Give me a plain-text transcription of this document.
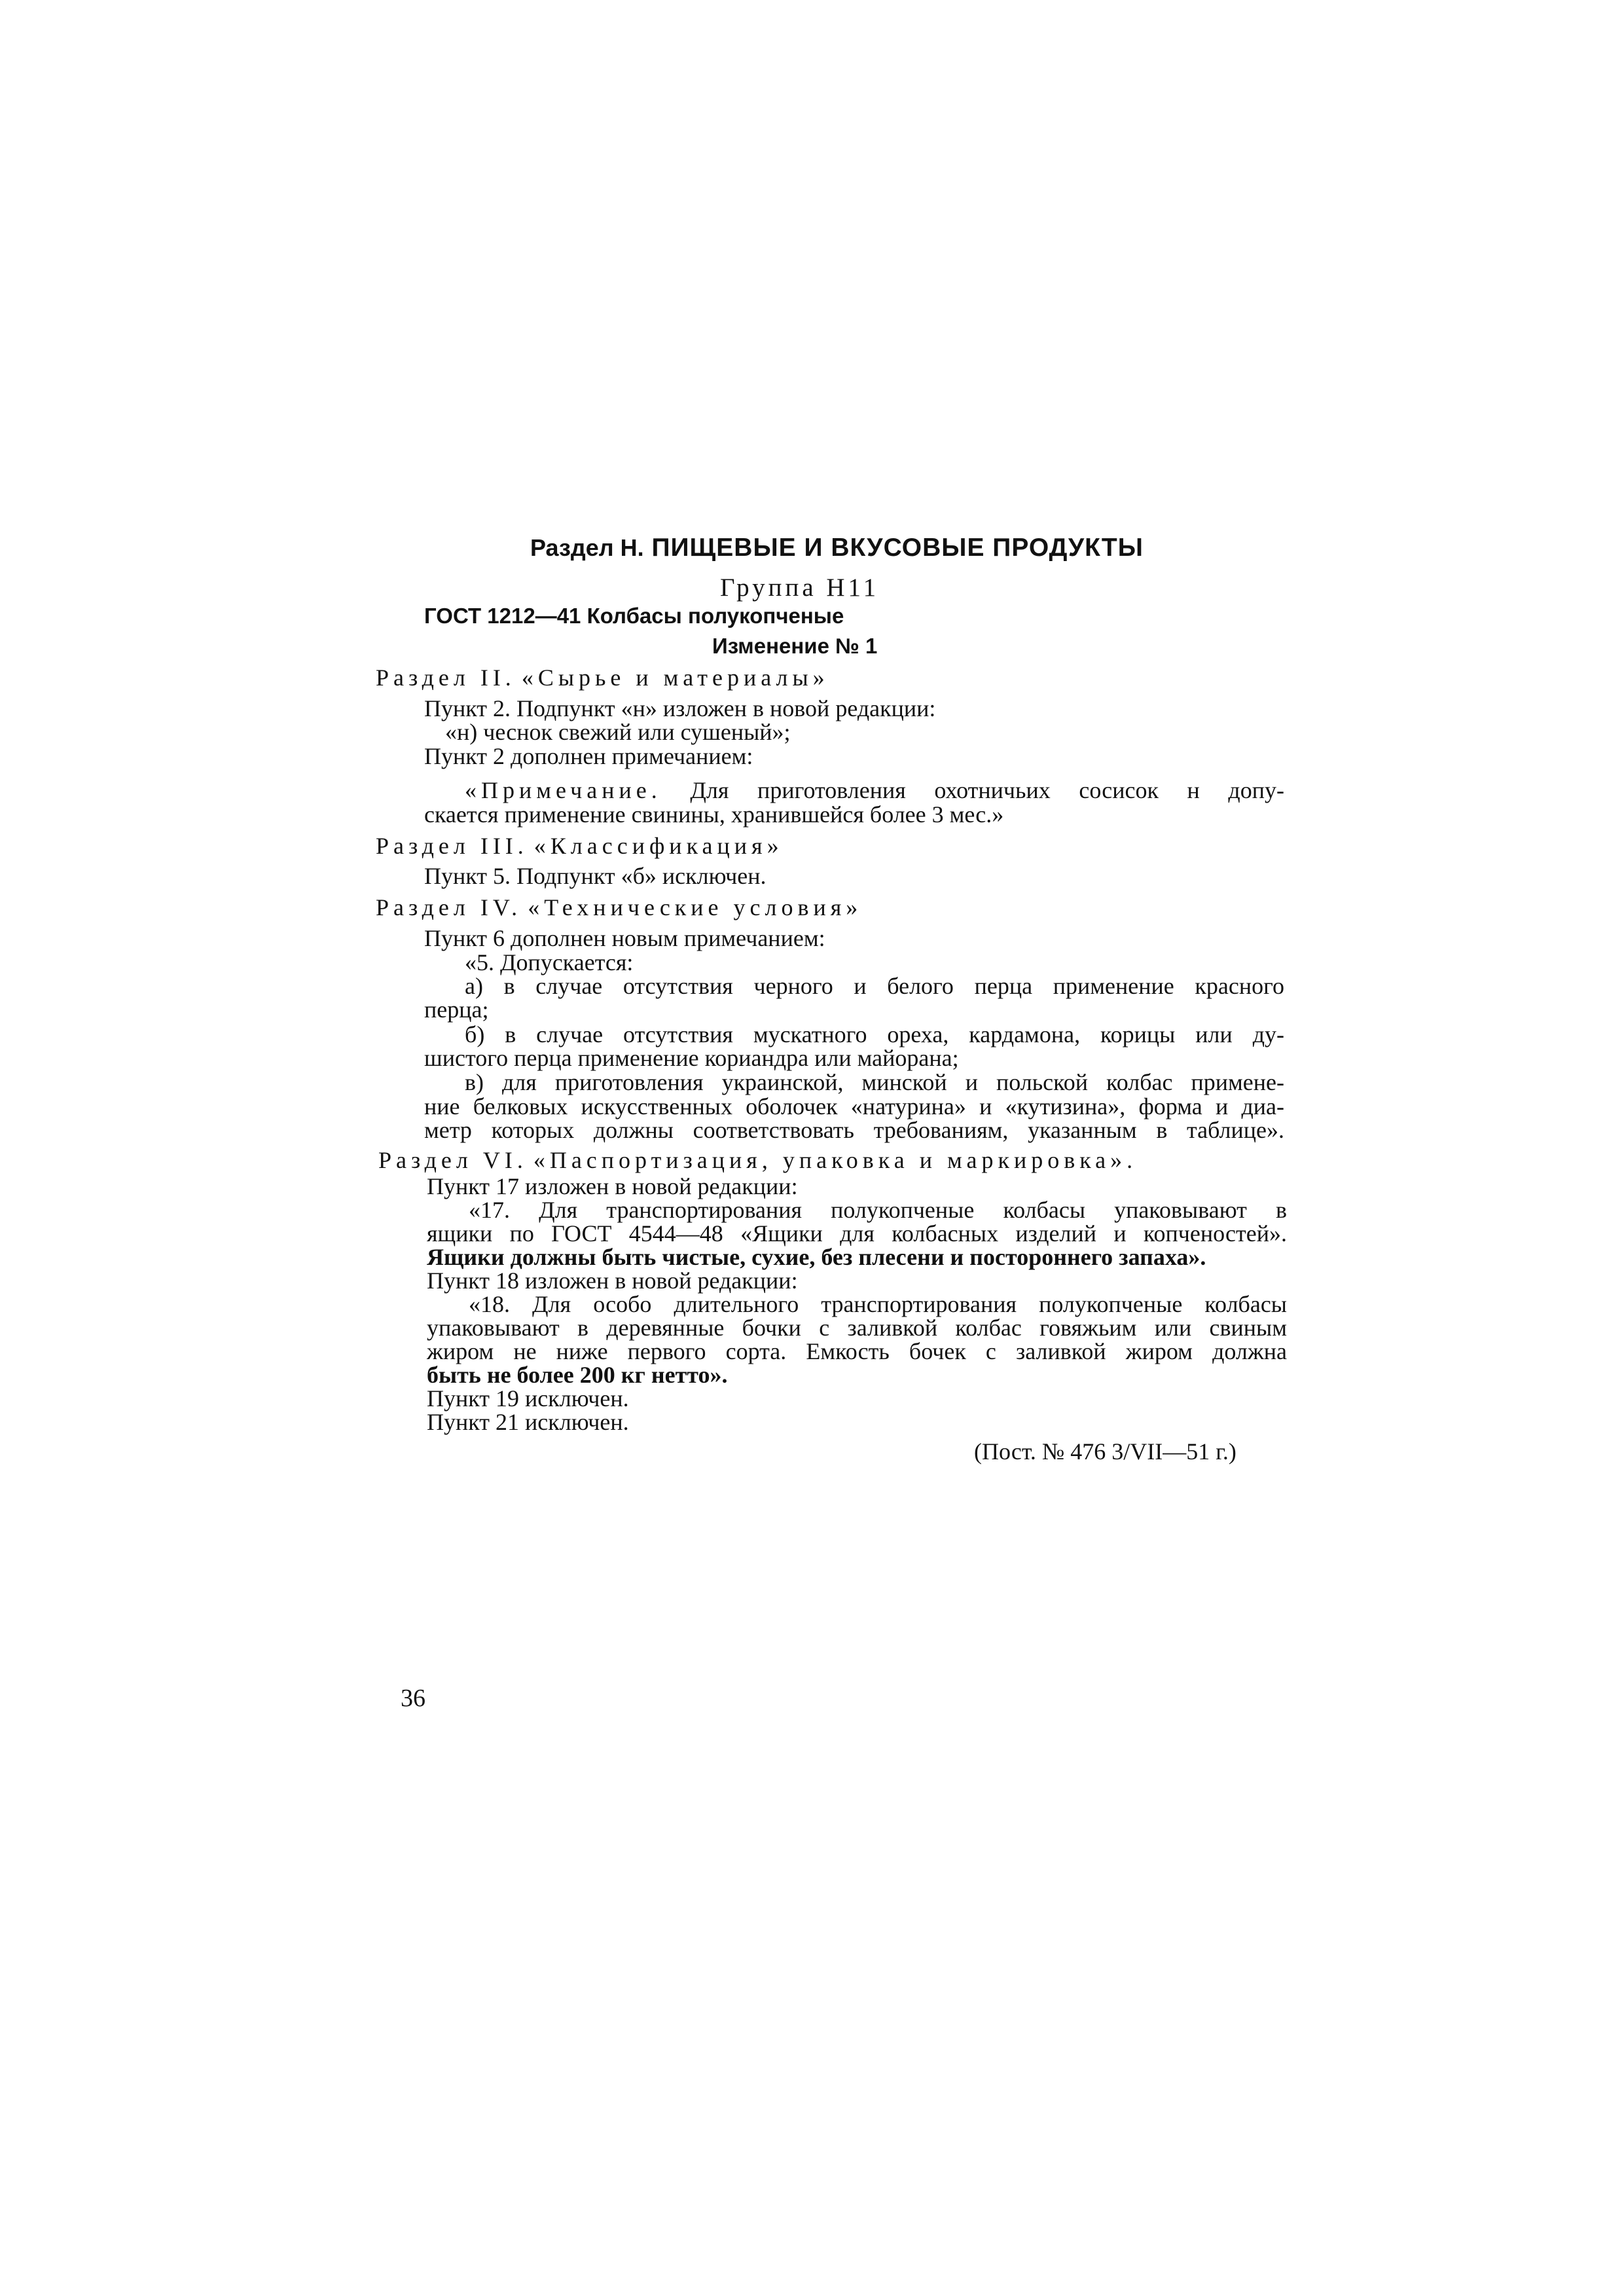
Раздел Н. ПИЩЕВЫЕ И ВКУСОВЫЕ ПРОДУКТЫ
Группа Н11
ГОСТ 1212—41 Колбасы полукопченые
Изменение № 1
Раздел II. «Сырье и материалы»
Пункт 2. Подпункт «н» изложен в новой редакции:
«н) чеснок свежий или сушеный»;
Пункт 2 дополнен примечанием:
«Примечание. Для приготовления охотничьих сосисок н допу-
скается применение свинины, хранившейся более 3 мес.»
Раздел III. «Классификация»
Пункт 5. Подпункт «б» исключен.
Раздел IV. «Технические условия»
Пункт 6 дополнен новым примечанием:
«5. Допускается:
а) в случае отсутствия черного и белого перца применение красного
перца;
б) в случае отсутствия мускатного ореха, кардамона, корицы или ду-
шистого перца применение кориандра или майорана;
в) для приготовления украинской, минской и польской колбас примене-
ние белковых искусственных оболочек «натурина» и «кутизина», форма и диа-
метр которых должны соответствовать требованиям, указанным в таблице».
Раздел VI. «Паспортизация, упаковка и маркировка».
Пункт 17 изложен в новой редакции:
«17. Для транспортирования полукопченые колбасы упаковывают в
ящики по ГОСТ 4544—48 «Ящики для колбасных изделий и копченостей».
Ящики должны быть чистые, сухие, без плесени и постороннего запаха».
Пункт 18 изложен в новой редакции:
«18. Для особо длительного транспортирования полукопченые колбасы
упаковывают в деревянные бочки с заливкой колбас говяжьим или свиным
жиром не ниже первого сорта. Емкость бочек с заливкой жиром должна
быть не более 200 кг нетто».
Пункт 19 исключен.
Пункт 21 исключен.
(Пост. № 476 3/VII—51 г.)
36
